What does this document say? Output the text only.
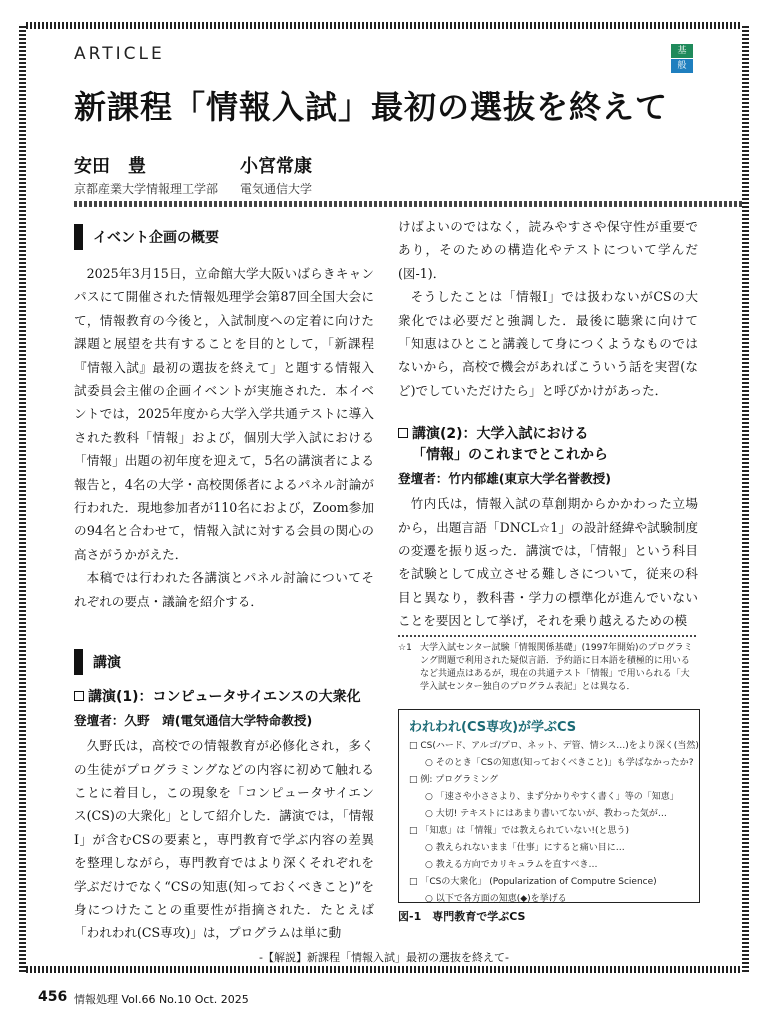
ARTICLE	基
般
新課程「情報入試」最初の選抜を終えて
安田　豊
京都産業大学情報理工学部
小宮常康
電気通信大学
イベント企画の概要

2025年3月15日，立命館大学大阪いばらきキャンパスにて開催された情報処理学会第87回全国大会にて，情報教育の今後と，入試制度への定着に向けた課題と展望を共有することを目的として，「新課程『情報入試』最初の選抜を終えて」と題する情報入試委員会主催の企画イベントが実施された．本イベントでは，2025年度から大学入学共通テストに導入された教科「情報」および，個別大学入試における「情報」出題の初年度を迎えて，5名の講演者による報告と，4名の大学・高校関係者によるパネル討論が行われた．現地参加者が110名におよび，Zoom参加の94名と合わせて，情報入試に対する会員の関心の高さがうかがえた．

本稿では行われた各講演とパネル討論についてそれぞれの要点・議論を紹介する．

講演
講演(1)：コンピュータサイエンスの大衆化
登壇者：久野　靖(電気通信大学特命教授)

久野氏は，高校での情報教育が必修化され，多くの生徒がプログラミングなどの内容に初めて触れることに着目し，この現象を「コンピュータサイエンス(CS)の大衆化」として紹介した．講演では，「情報I」が含むCSの要素と，専門教育で学ぶ内容の差異を整理しながら，専門教育ではより深くそれぞれを学ぶだけでなく“CSの知恵(知っておくべきこと)”を身につけたことの重要性が指摘された．たとえば「われわれ(CS専攻)」は，プログラムは単に動

けばよいのではなく，読みやすさや保守性が重要であり，そのための構造化やテストについて学んだ(図-1)．

そうしたことは「情報I」では扱わないがCSの大衆化では必要だと強調した．最後に聴衆に向けて「知恵はひとこと講義して身につくようなものではないから，高校で機会があればこういう話を実習(など)でしていただけたら」と呼びかけがあった．

講演(2)：大学入試における
「情報」のこれまでとこれから
登壇者：竹内郁雄(東京大学名誉教授)

竹内氏は，情報入試の草創期からかかわった立場から，出題言語「DNCL☆1」の設計経緯や試験制度の変遷を振り返った．講演では，「情報」という科目を試験として成立させる難しさについて，従来の科目と異なり，教科書・学力の標準化が進んでいないことを要因として挙げ，それを乗り越えるための模

☆1 大学入試センター試験「情報関係基礎」(1997年開始)のプログラミング問題で利用された疑似言語．予約語に日本語を積極的に用いるなど共通点はあるが，現在の共通テスト「情報」で用いられる「大学入試センター独自のプログラム表記」とは異なる．
われわれ(CS専攻)が学ぶCS
□ CS(ハード、アルゴ/プロ、ネット、デ管、情シス…)をより深く(当然)
○ そのとき「CSの知恵(知っておくべきこと)」も学ばなかったか?
□ 例: プログラミング
○ 「速さや小ささより、まず分かりやすく書く」等の「知恵」
○ 大切! テキストにはあまり書いてないが、教わった気が…
□ 「知恵」は「情報」では教えられていない!(と思う)
○ 教えられないまま「仕事」にすると痛い目に…
○ 教える方向でカリキュラムを直すべき…
□ 「CSの大衆化」 (Popularization of Computre Science)
○ 以下で各方面の知恵(◆)を挙げる
図-1　専門教育で学ぶCS
-【解説】新課程「情報入試」最初の選抜を終えて-
456 情報処理 Vol.66 No.10 Oct. 2025
